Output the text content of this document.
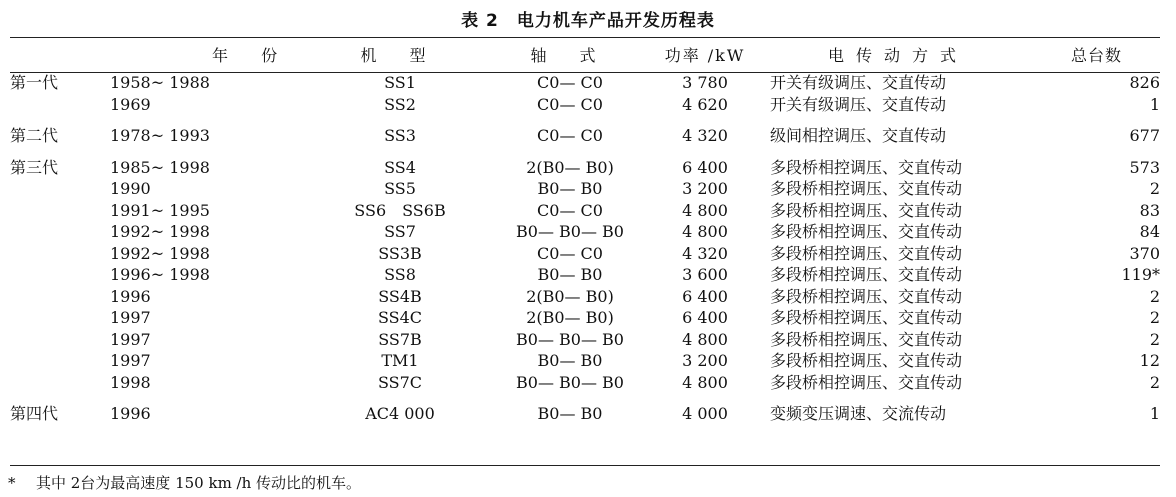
表 2　电力机车产品开发历程表
	年 份	机 型	轴 式	功率 /kW	电传动方式	总台数
第一代	1958~ 1988	SS1	C0— C0	3 780	开关有级调压、交直传动	826
	1969	SS2	C0— C0	4 620	开关有级调压、交直传动	1

第二代	1978~ 1993	SS3	C0— C0	4 320	级间相控调压、交直传动	677

第三代	1985~ 1998	SS4	2(B0— B0)	6 400	多段桥相控调压、交直传动	573
	1990	SS5	B0— B0	3 200	多段桥相控调压、交直传动	2
	1991~ 1995	SS6　SS6B	C0— C0	4 800	多段桥相控调压、交直传动	83
	1992~ 1998	SS7	B0— B0— B0	4 800	多段桥相控调压、交直传动	84
	1992~ 1998	SS3B	C0— C0	4 320	多段桥相控调压、交直传动	370
	1996~ 1998	SS8	B0— B0	3 600	多段桥相控调压、交直传动	119*
	1996	SS4B	2(B0— B0)	6 400	多段桥相控调压、交直传动	2
	1997	SS4C	2(B0— B0)	6 400	多段桥相控调压、交直传动	2
	1997	SS7B	B0— B0— B0	4 800	多段桥相控调压、交直传动	2
	1997	TM1	B0— B0	3 200	多段桥相控调压、交直传动	12
	1998	SS7C	B0— B0— B0	4 800	多段桥相控调压、交直传动	2

第四代	1996	AC4 000	B0— B0	4 000	变频变压调速、交流传动	1
* 其中 2台为最高速度 150 km /h 传动比的机车。
